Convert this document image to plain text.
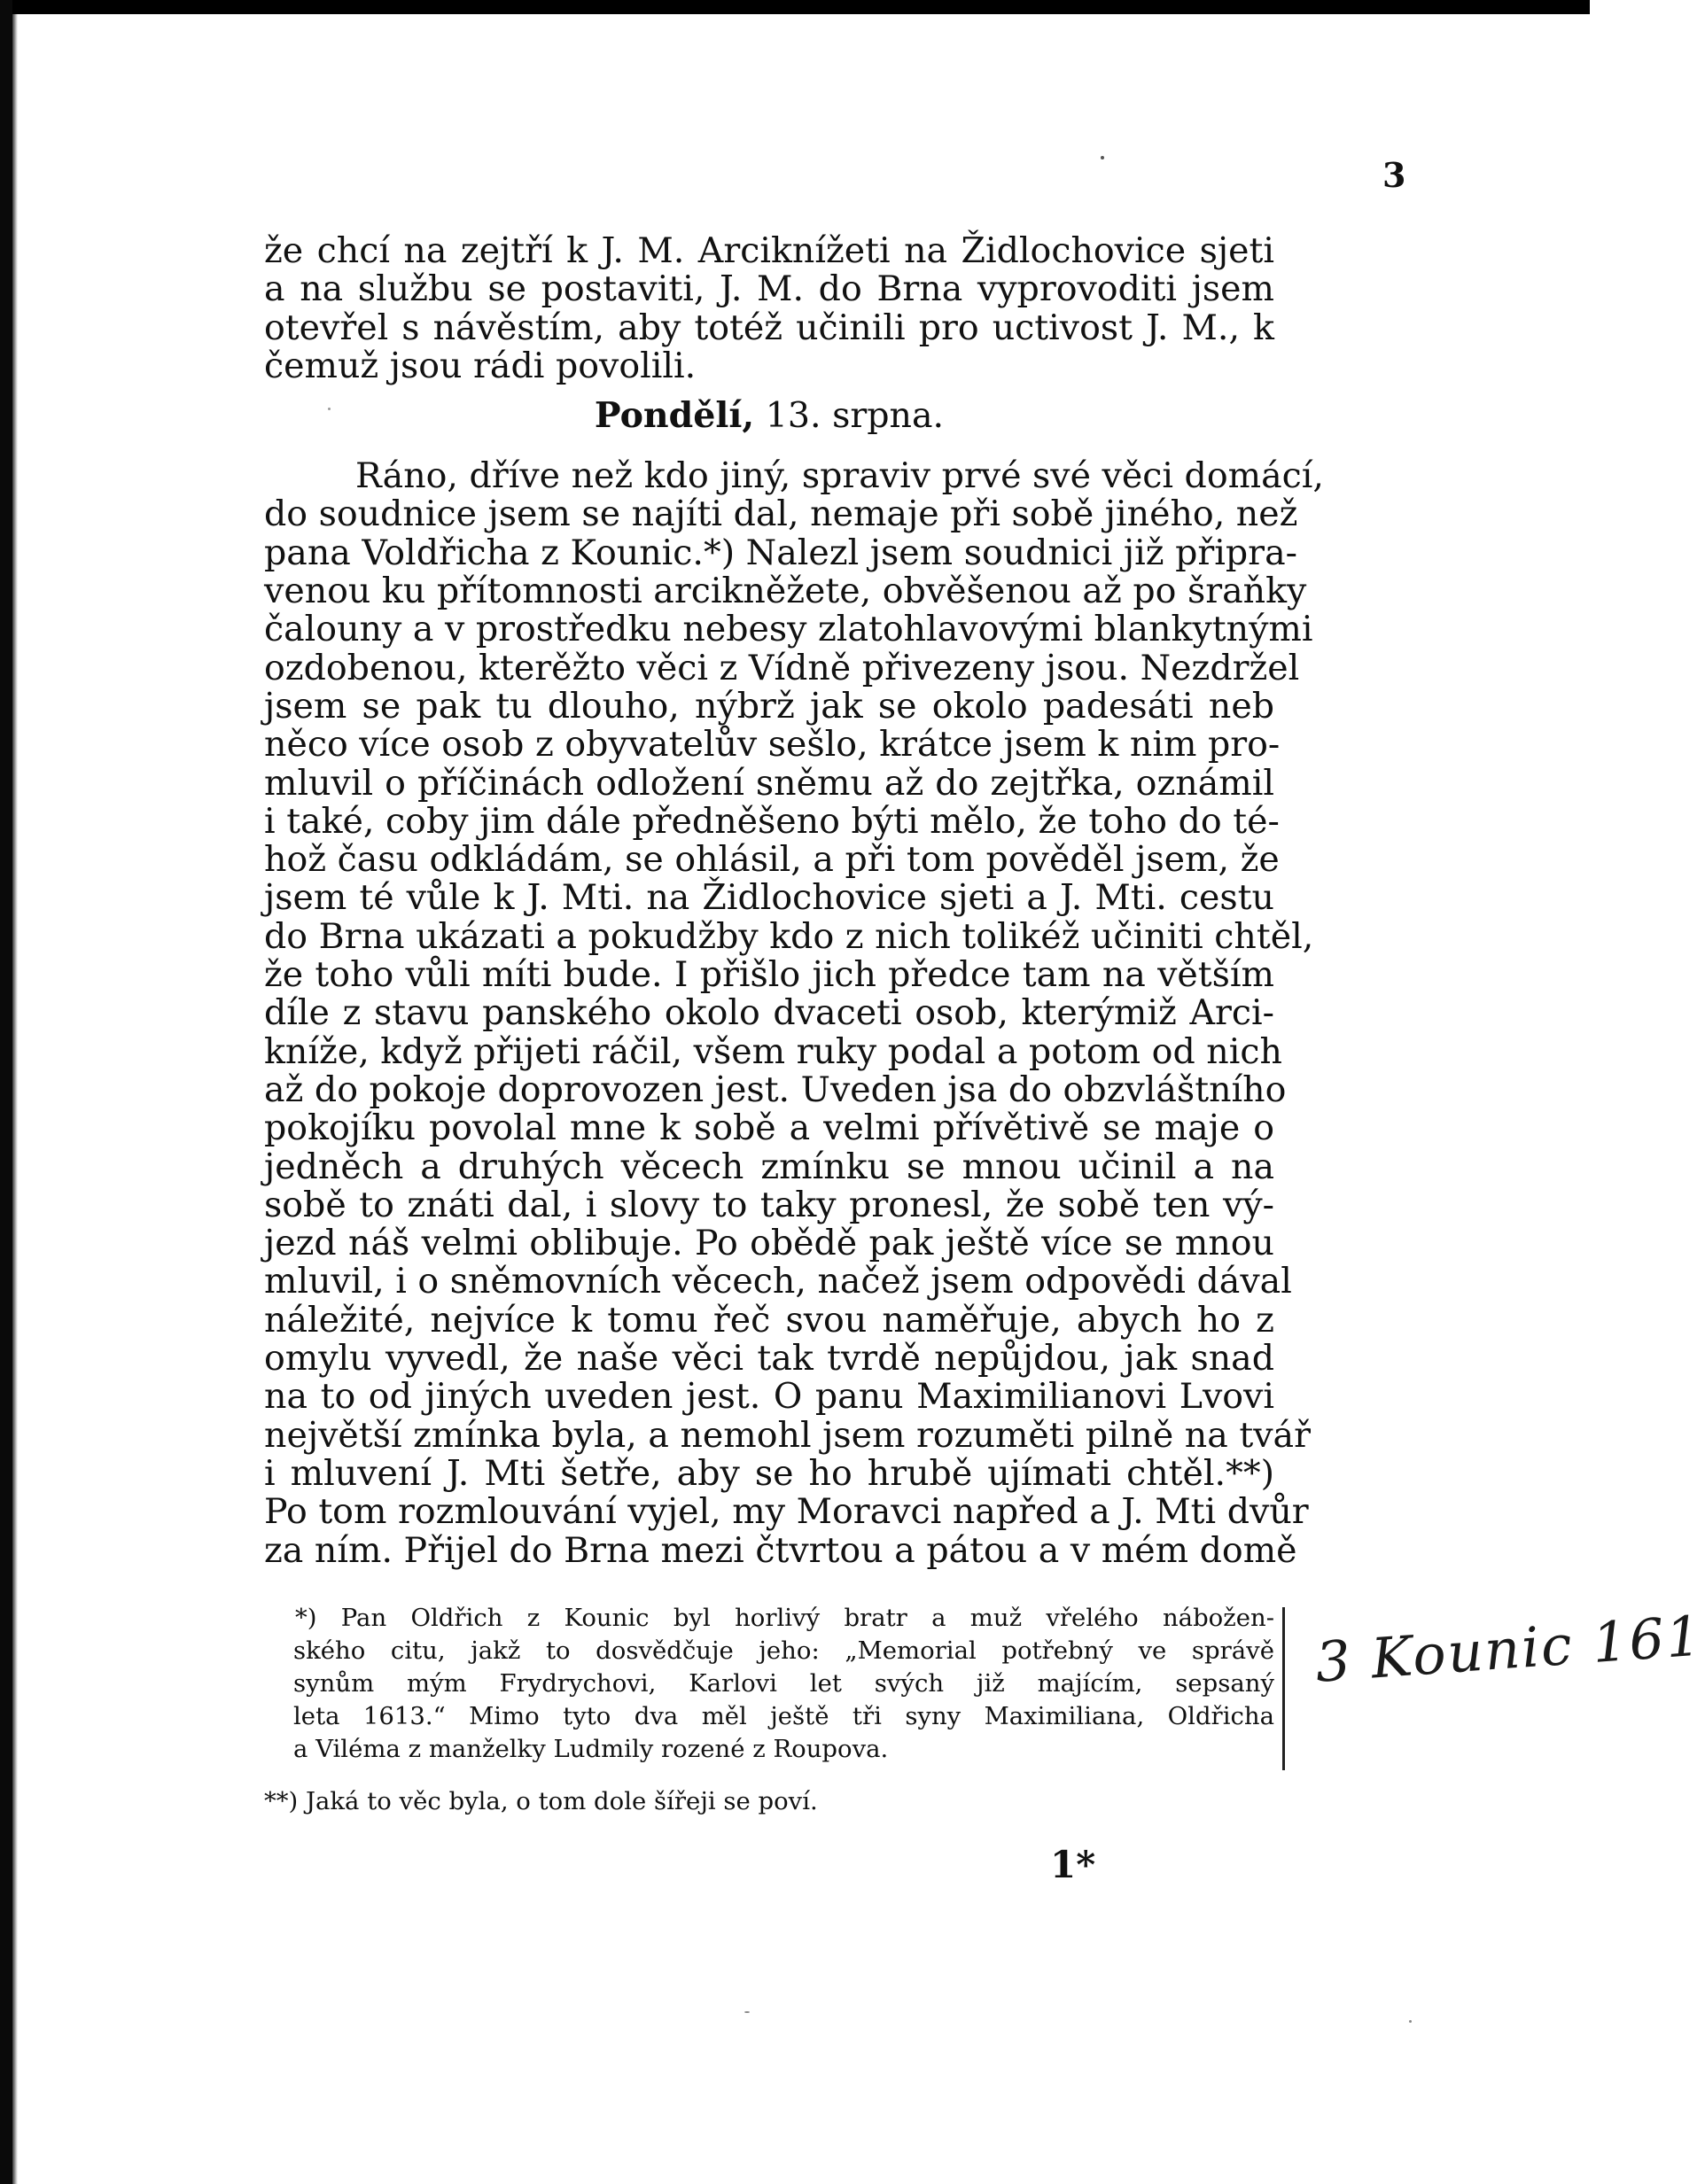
3
že chcí na zejtří k J. M. Arciknížeti na Židlochovice sjeti
a na službu se postaviti, J. M. do Brna vyprovoditi jsem
otevřel s návěstím, aby totéž učinili pro uctivost J. M., k
čemuž jsou rádi povolili.
Pondělí, 13. srpna.
Ráno, dříve než kdo jiný, spraviv prvé své věci domácí,
do soudnice jsem se najíti dal, nemaje při sobě jiného, než
pana Voldřicha z Kounic.*) Nalezl jsem soudnici již připra-
venou ku přítomnosti arcikněžete, obvěšenou až po šraňky
čalouny a v prostředku nebesy zlatohlavovými blankytnými
ozdobenou, kterěžto věci z Vídně přivezeny jsou. Nezdržel
jsem se pak tu dlouho, nýbrž jak se okolo padesáti neb
něco více osob z obyvatelův sešlo, krátce jsem k nim pro-
mluvil o příčinách odložení sněmu až do zejtřka, oznámil
i také, coby jim dále předněšeno býti mělo, že toho do té-
hož času odkládám, se ohlásil, a při tom pověděl jsem, že
jsem té vůle k J. Mti. na Židlochovice sjeti a J. Mti. cestu
do Brna ukázati a pokudžby kdo z nich tolikéž učiniti chtěl,
že toho vůli míti bude. I přišlo jich předce tam na větším
díle z stavu panského okolo dvaceti osob, kterýmiž Arci-
kníže, když přijeti ráčil, všem ruky podal a potom od nich
až do pokoje doprovozen jest. Uveden jsa do obzvláštního
pokojíku povolal mne k sobě a velmi přívětivě se maje o
jedněch a druhých věcech zmínku se mnou učinil a na
sobě to znáti dal, i slovy to taky pronesl, že sobě ten vý-
jezd náš velmi oblibuje. Po obědě pak ještě více se mnou
mluvil, i o sněmovních věcech, načež jsem odpovědi dával
náležité, nejvíce k tomu řeč svou naměřuje, abych ho z
omylu vyvedl, že naše věci tak tvrdě nepůjdou, jak snad
na to od jiných uveden jest. O panu Maximilianovi Lvovi
největší zmínka byla, a nemohl jsem rozuměti pilně na tvář
i mluvení J. Mti šetře, aby se ho hrubě ujímati chtěl.**)
Po tom rozmlouvání vyjel, my Moravci napřed a J. Mti dvůr
za ním. Přijel do Brna mezi čtvrtou a pátou a v mém domě
*) Pan Oldřich z Kounic byl horlivý bratr a muž vřelého nábožen-
ského citu, jakž to dosvědčuje jeho: „Memorial potřebný ve správě
synům mým Frydrychovi, Karlovi let svých již majícím, sepsaný
leta 1613.“ Mimo tyto dva měl ještě tři syny Maximiliana, Oldřicha
a Viléma z manželky Ludmily rozené z Roupova.
**) Jaká to věc byla, o tom dole šířeji se poví.
1*
3 Kounic 161
